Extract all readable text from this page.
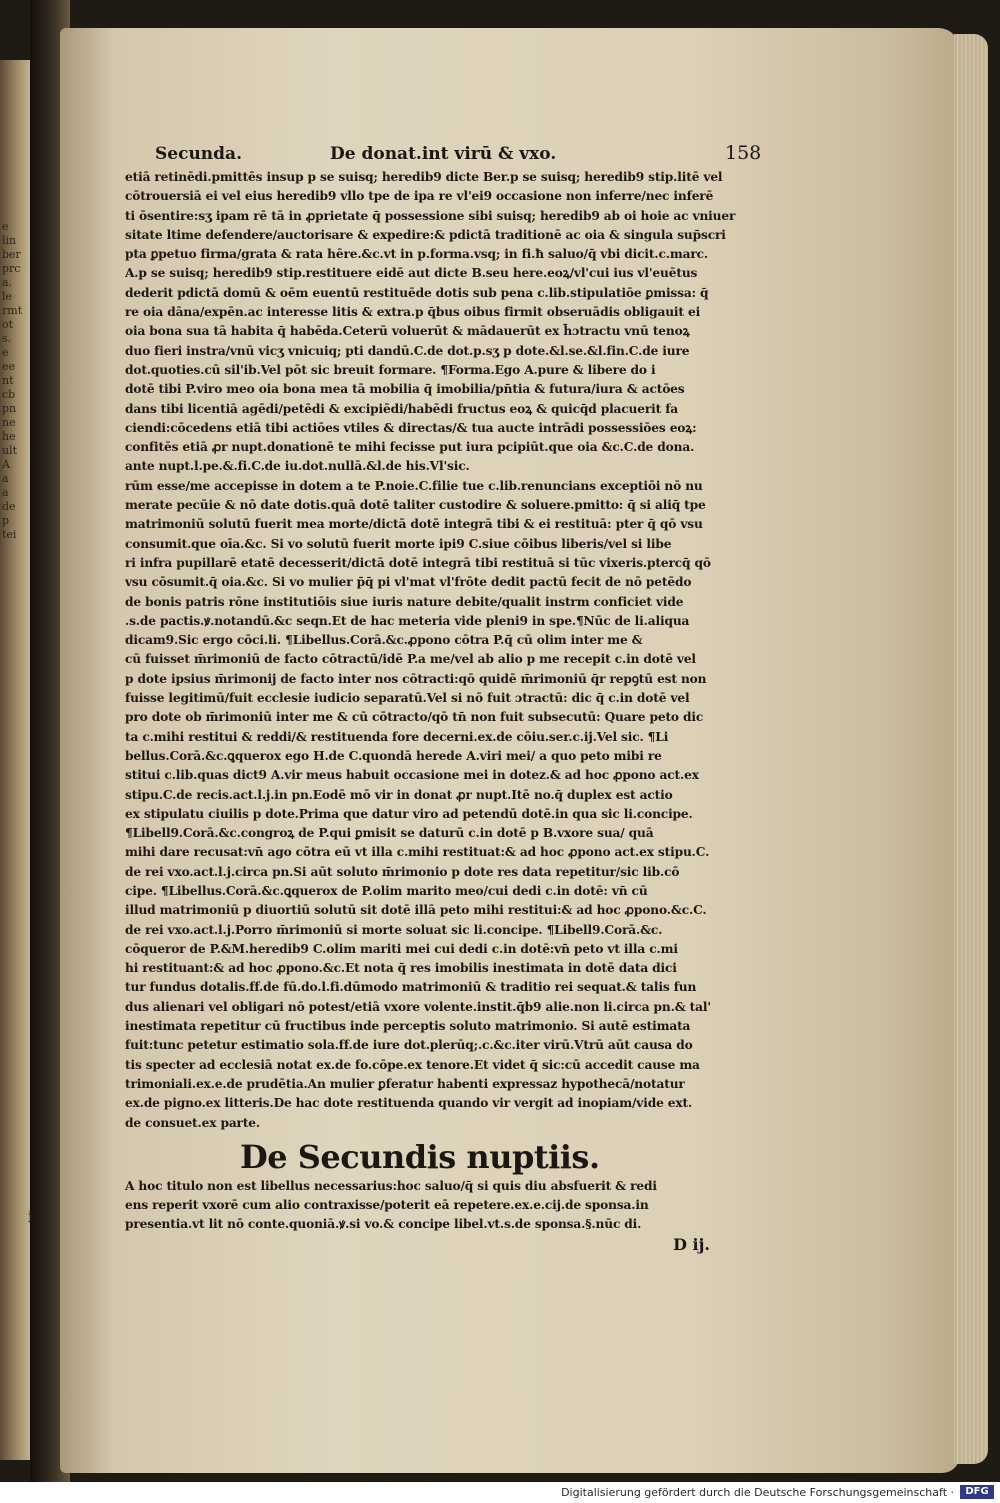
e
lin
ber
prc
a.
le
rmt
ot
s.
e
ee
nt
cb
pn
ne
he
ult
A
a
a
de
p
tei
Secunda.	De donat.int virū & vxo.	158
etiā retinēdi.pmittēs insup p se suisq; heredib9 dicte Ber.p se suisq; heredib9 stip.litē vel
cōtrouersiā ei vel eius heredib9 vllo tpe de ipa re vl'ei9 occasione non inferre/nec inferē
ti ōsentire:sʒ ipam rē tā in ꝓprietate q̄ possessione sibi suisq; heredib9 ab oi hoie ac vniuer
sitate ltime defendere/auctorisare & expedire:& pdictā traditionē ac oia & singula sup̄scri
pta ꝑpetuo firma/grata & rata hēre.&c.vt in p.forma.vsq; in fi.ħ saluo/q̄ vbi dicit.c.marc.
A.p se suisq; heredib9 stip.restituere eidē aut dicte B.seu here.eoꝝ/vl'cui ius vl'euētus
dederit pdictā domū & oēm euentū restituēde dotis sub pena c.lib.stipulatiōe ꝑmissa: q̄
re oia dāna/expēn.ac interesse litis & extra.p q̄bus oibus firmit obseruādis obligauit ei
oia bona sua tā habita q̄ habēda.Ceterū voluerūt & mādauerūt ex h̄ɔtractu vnū tenoꝝ
duo fieri instra/vnū vicʒ vnicuiq; pti dandū.C.de dot.p.sʒ p dote.&l.se.&l.fin.C.de iure
dot.quoties.cū sil'ib.Vel pōt sic breuit formare. ¶Forma.Ego A.pure & libere do i
dotē tibi P.viro meo oia bona mea tā mobilia q̄ imobilia/pn̄tia & futura/iura & actōes
dans tibi licentiā agēdi/petēdi & excipiēdi/habēdi fructus eoꝝ & quicq̄d placuerit fa
ciendi:cōcedens etiā tibi actiōes vtiles & directas/& tua aucte intrādi possessiōes eoꝝ:
confitēs etiā ꝓr nupt.donationē te mihi fecisse put iura pcipiūt.que oia &c.C.de dona.
ante nupt.l.pe.&.fi.C.de iu.dot.nullā.&l.de his.Vl'sic.
rūm esse/me accepisse in dotem a te P.noie.C.filie tue c.lib.renuncians exceptiōi nō nu
merate pecūie & nō date dotis.quā dotē taliter custodire & soluere.pmitto: q̄ si aliq̄ tpe
matrimoniū solutū fuerit mea morte/dictā dotē integrā tibi & ei restituā: pter q̄ qō vsu
consumit.que oīa.&c. Si vo solutū fuerit morte ipi9 C.siue cōibus liberis/vel si libe
ri infra pupillarē etatē decesserit/dictā dotē integrā tibi restituā si tūc vixeris.ptercq̄ qō
vsu cōsumit.q̄ oia.&c. Si vo mulier p̄q̄ pi vl'mat vl'frōte dedit pactū fecit de nō petēdo
de bonis patris rōne institutiōis siue iuris nature debite/qualit instrm conficiet vide
.s.de pactis.ꝟ.notandū.&c seqn.Et de hac meteria vide pleni9 in spe.¶Nūc de li.aliqua
dicam9.Sic ergo cōci.li. ¶Libellus.Corā.&c.ꝓpono cōtra P.q̄ cū olim inter me &
cū fuisset m̄rimoniū de facto cōtractū/idē P.a me/vel ab alio p me recepit c.in dotē vel
p dote ipsius m̄rimonij de facto inter nos cōtracti:qō quidē m̄rimoniū q̄r repꝯtū est non
fuisse legitimū/fuit ecclesie iudicio separatū.Vel si nō fuit ɔtractū: dic q̄ c.in dotē vel
pro dote ob m̄rimoniū inter me & cū cōtracto/qō tn̄ non fuit subsecutū: Quare peto dic
ta c.mihi restitui & reddi/& restituenda fore decerni.ex.de cōiu.ser.c.ij.Vel sic. ¶Li
bellus.Corā.&c.ꝗquerox ego H.de C.quondā herede A.viri mei/ a quo peto mibi re
stitui c.lib.quas dict9 A.vir meus habuit occasione mei in dotez.& ad hoc ꝓpono act.ex
stipu.C.de recis.act.l.j.in pn.Eodē mō vir in donat ꝓr nupt.Itē no.q̄ duplex est actio
ex stipulatu ciuilis p dote.Prima que datur viro ad petendū dotē.in qua sic li.concipe.
¶Libell9.Corā.&c.congroꝝ de P.qui ꝑmisit se daturū c.in dotē p B.vxore sua/ quā
mihi dare recusat:vn̄ ago cōtra eū vt illa c.mihi restituat:& ad hoc ꝓpono act.ex stipu.C.
de rei vxo.act.l.j.circa pn.Si aūt soluto m̄rimonio p dote res data repetitur/sic lib.cō
cipe. ¶Libellus.Corā.&c.ꝗquerox de P.olim marito meo/cui dedi c.in dotē: vn̄ cū
illud matrimoniū p diuortiū solutū sit dotē illā peto mihi restitui:& ad hoc ꝓpono.&c.C.
de rei vxo.act.l.j.Porro m̄rimoniū si morte soluat sic li.concipe. ¶Libell9.Corā.&c.
cōqueror de P.&M.heredib9 C.olim mariti mei cui dedi c.in dotē:vn̄ peto vt illa c.mi
hi restituant:& ad hoc ꝓpono.&c.Et nota q̄ res imobilis inestimata in dotē data dici
tur fundus dotalis.ff.de fū.do.l.fi.dūmodo matrimoniū & traditio rei sequat.& talis fun
dus alienari vel obligari nō potest/etiā vxore volente.instit.q̄b9 alie.non li.circa pn.& tal'
inestimata repetitur cū fructibus inde perceptis soluto matrimonio. Si autē estimata
fuit:tunc petetur estimatio sola.ff.de iure dot.plerūq;.c.&c.iter virū.Vtrū aūt causa do
tis specter ad ecclesiā notat ex.de fo.cōpe.ex tenore.Et videt q̄ sic:cū accedit cause ma
trimoniali.ex.e.de prudētia.An mulier ꝑferatur habenti expressaz hypothecā/notatur
ex.de pigno.ex litteris.De hac dote restituenda quando vir vergit ad inopiam/vide ext.
de consuet.ex parte.
De Secundis nuptiis.
A hoc titulo non est libellus necessarius:hoc saluo/q̄ si quis diu absfuerit & redi
ens reperit vxorē cum alio contraxisse/poterit eā repetere.ex.e.cij.de sponsa.in
presentia.vt lit nō conte.quoniā.ꝟ.si vo.& concipe libel.vt.s.de sponsa.§.nūc di.
D ij.
i
Digitalisierung gefördert durch die Deutsche Forschungsgemeinschaft ·	DFG
